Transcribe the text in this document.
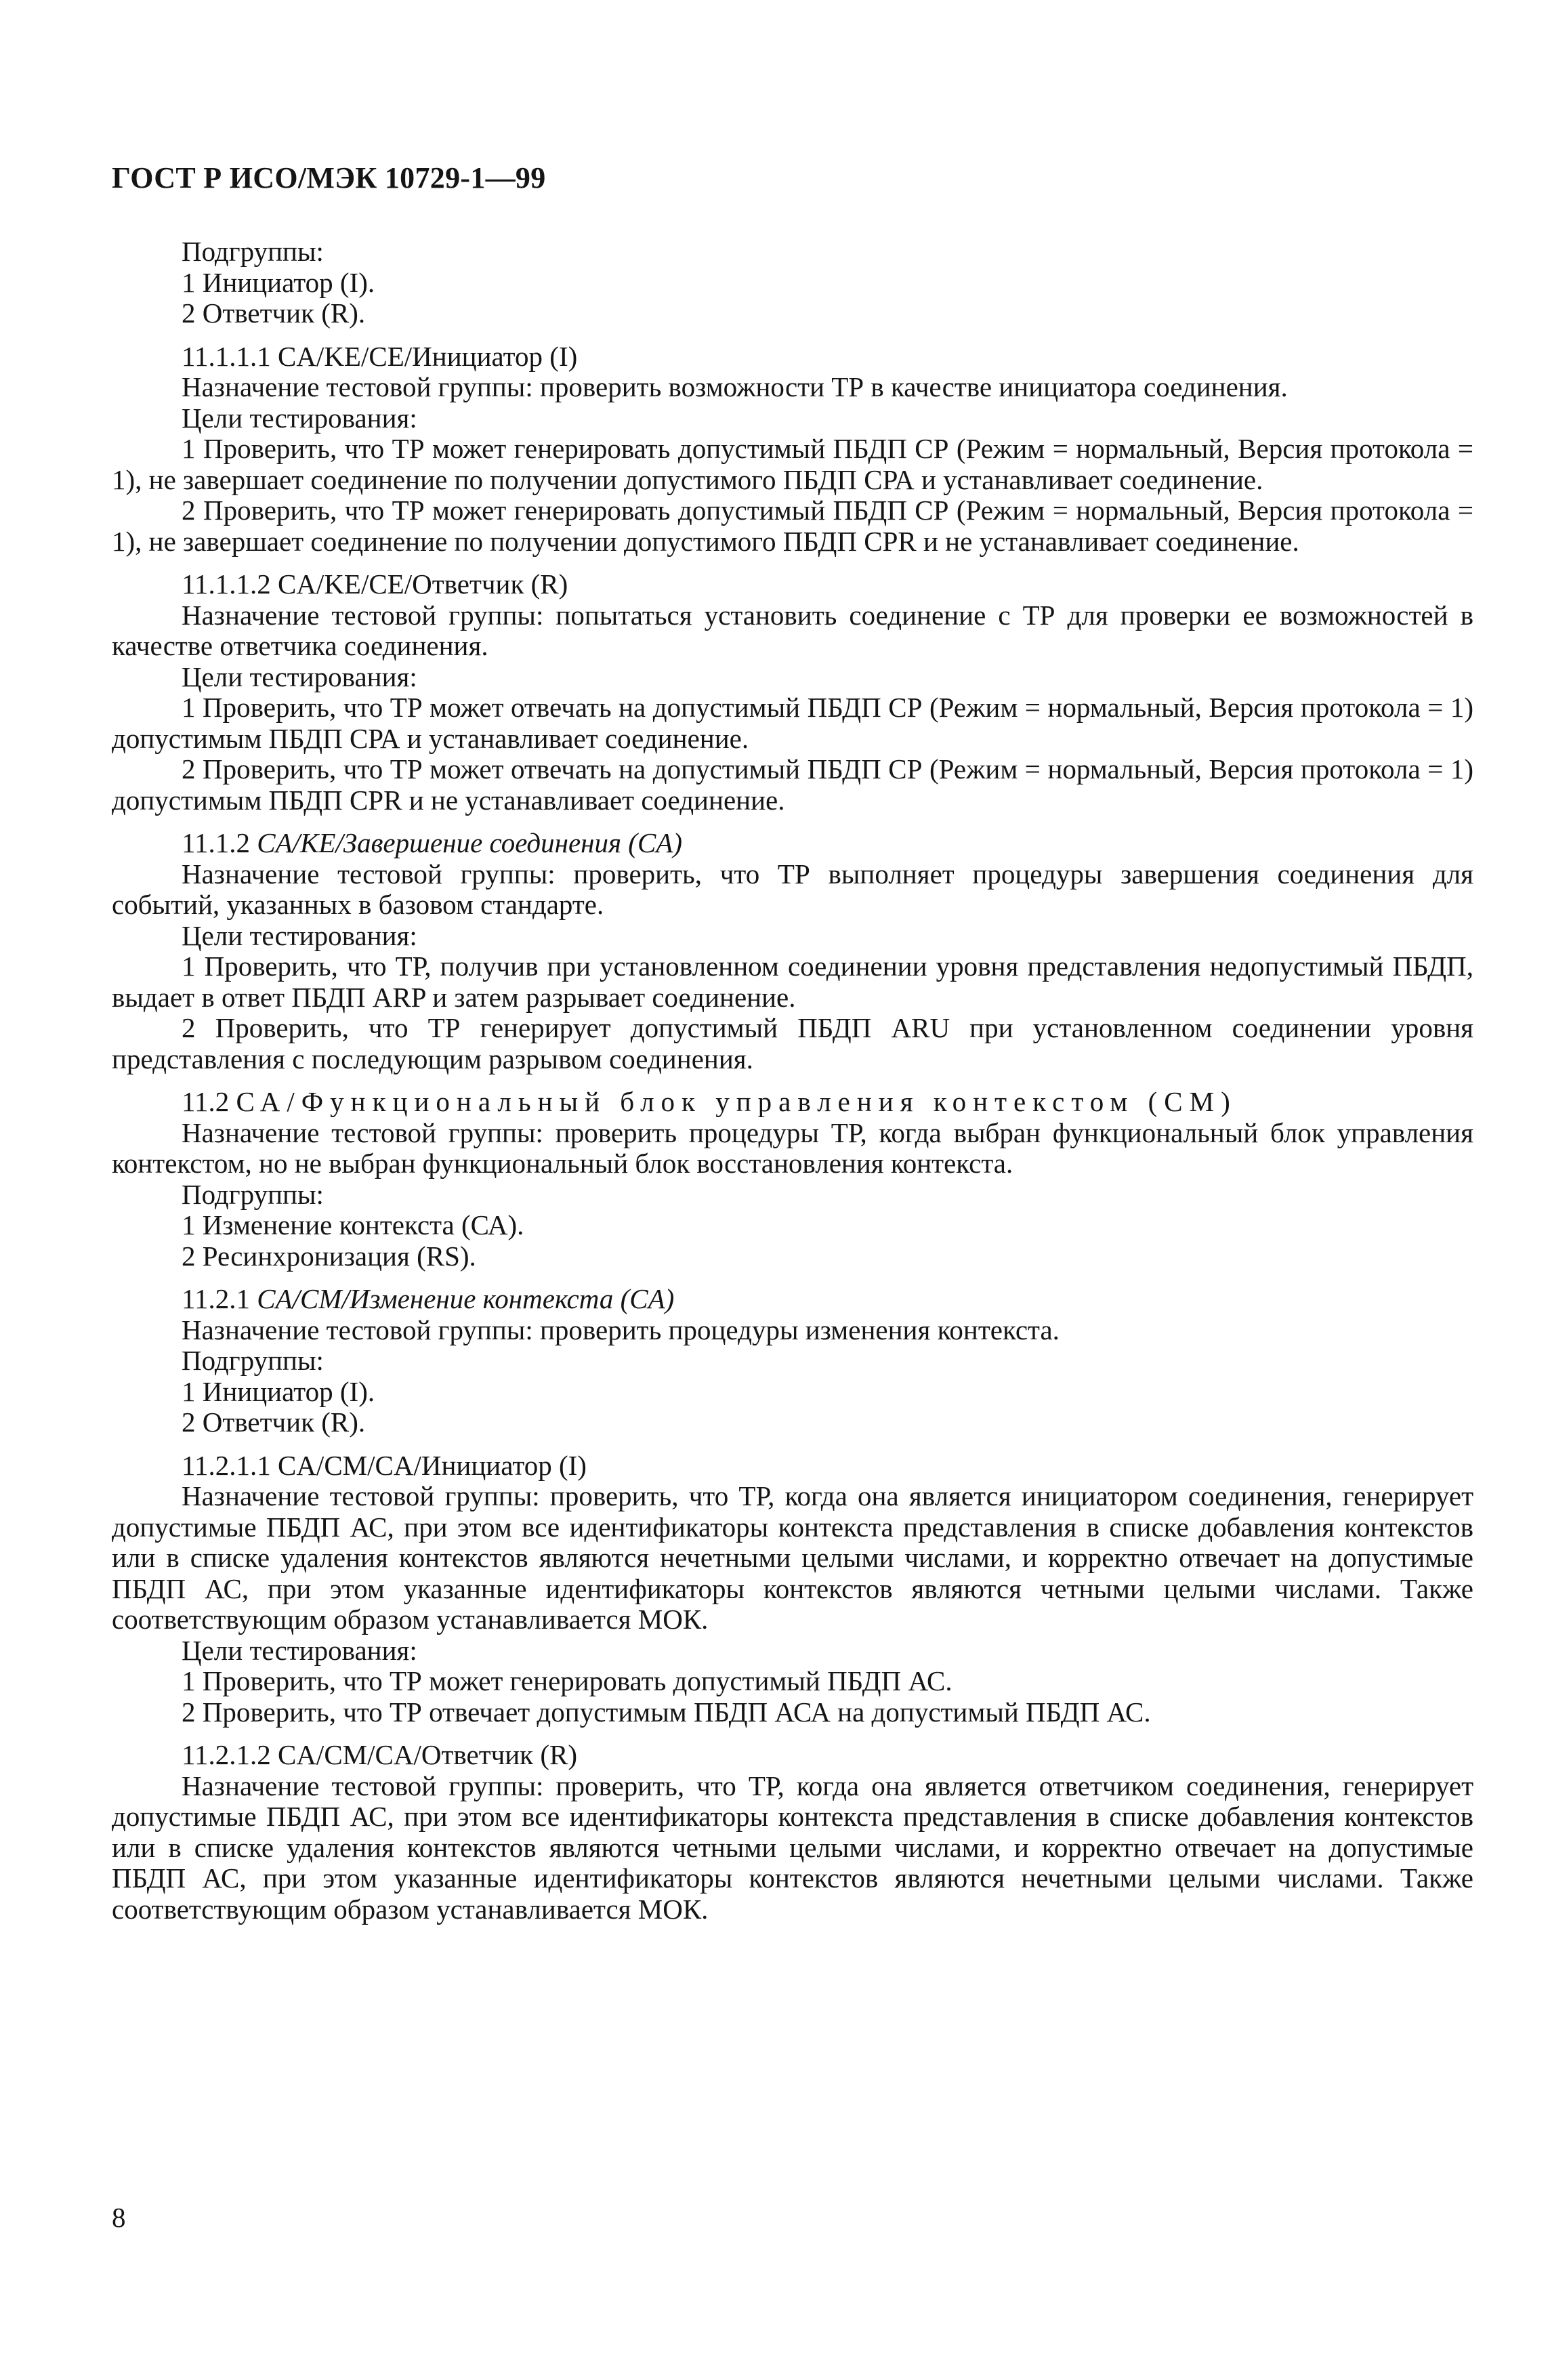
ГОСТ Р ИСО/МЭК 10729-1—99

Подгруппы:

1 Инициатор (I).

2 Ответчик (R).

11.1.1.1 CA/KE/CE/Инициатор (I)

Назначение тестовой группы: проверить возможности ТР в качестве инициатора соединения.

Цели тестирования:

1 Проверить, что ТР может генерировать допустимый ПБДП СР (Режим = нормальный, Версия протокола = 1), не завершает соединение по получении допустимого ПБДП СРА и устанавливает соединение.

2 Проверить, что ТР может генерировать допустимый ПБДП СР (Режим = нормальный, Версия протокола = 1), не завершает соединение по получении допустимого ПБДП CPR и не устанавливает соединение.

11.1.1.2 CA/KE/CE/Ответчик (R)

Назначение тестовой группы: попытаться установить соединение с ТР для проверки ее возможностей в качестве ответчика соединения.

Цели тестирования:

1 Проверить, что ТР может отвечать на допустимый ПБДП СР (Режим = нормальный, Версия протокола = 1) допустимым ПБДП СРА и устанавливает соединение.

2 Проверить, что ТР может отвечать на допустимый ПБДП СР (Режим = нормальный, Версия протокола = 1) допустимым ПБДП CPR и не устанавливает соединение.

11.1.2 CA/KE/Завершение соединения (CA)

Назначение тестовой группы: проверить, что ТР выполняет процедуры завершения соединения для событий, указанных в базовом стандарте.

Цели тестирования:

1 Проверить, что ТР, получив при установленном соединении уровня представления недопустимый ПБДП, выдает в ответ ПБДП ARP и затем разрывает соединение.

2 Проверить, что ТР генерирует допустимый ПБДП ARU при установленном соединении уровня представления с последующим разрывом соединения.

11.2 СА/Функциональный блок управления контекстом (СМ)

Назначение тестовой группы: проверить процедуры ТР, когда выбран функциональный блок управления контекстом, но не выбран функциональный блок восстановления контекста.

Подгруппы:

1 Изменение контекста (СА).

2 Ресинхронизация (RS).

11.2.1 CA/CM/Изменение контекста (CA)

Назначение тестовой группы: проверить процедуры изменения контекста.

Подгруппы:

1 Инициатор (I).

2 Ответчик (R).

11.2.1.1 CA/CM/CA/Инициатор (I)

Назначение тестовой группы: проверить, что ТР, когда она является инициатором соединения, генерирует допустимые ПБДП АС, при этом все идентификаторы контекста представления в списке добавления контекстов или в списке удаления контекстов являются нечетными целыми числами, и корректно отвечает на допустимые ПБДП АС, при этом указанные идентификаторы контекстов являются четными целыми числами. Также соответствующим образом устанавливается МОК.

Цели тестирования:

1 Проверить, что ТР может генерировать допустимый ПБДП АС.

2 Проверить, что ТР отвечает допустимым ПБДП АСА на допустимый ПБДП АС.

11.2.1.2 CA/CM/CA/Ответчик (R)

Назначение тестовой группы: проверить, что ТР, когда она является ответчиком соединения, генерирует допустимые ПБДП АС, при этом все идентификаторы контекста представления в списке добавления контекстов или в списке удаления контекстов являются четными целыми числами, и корректно отвечает на допустимые ПБДП АС, при этом указанные идентификаторы контекстов являются нечетными целыми числами. Также соответствующим образом устанавливается МОК.

8
